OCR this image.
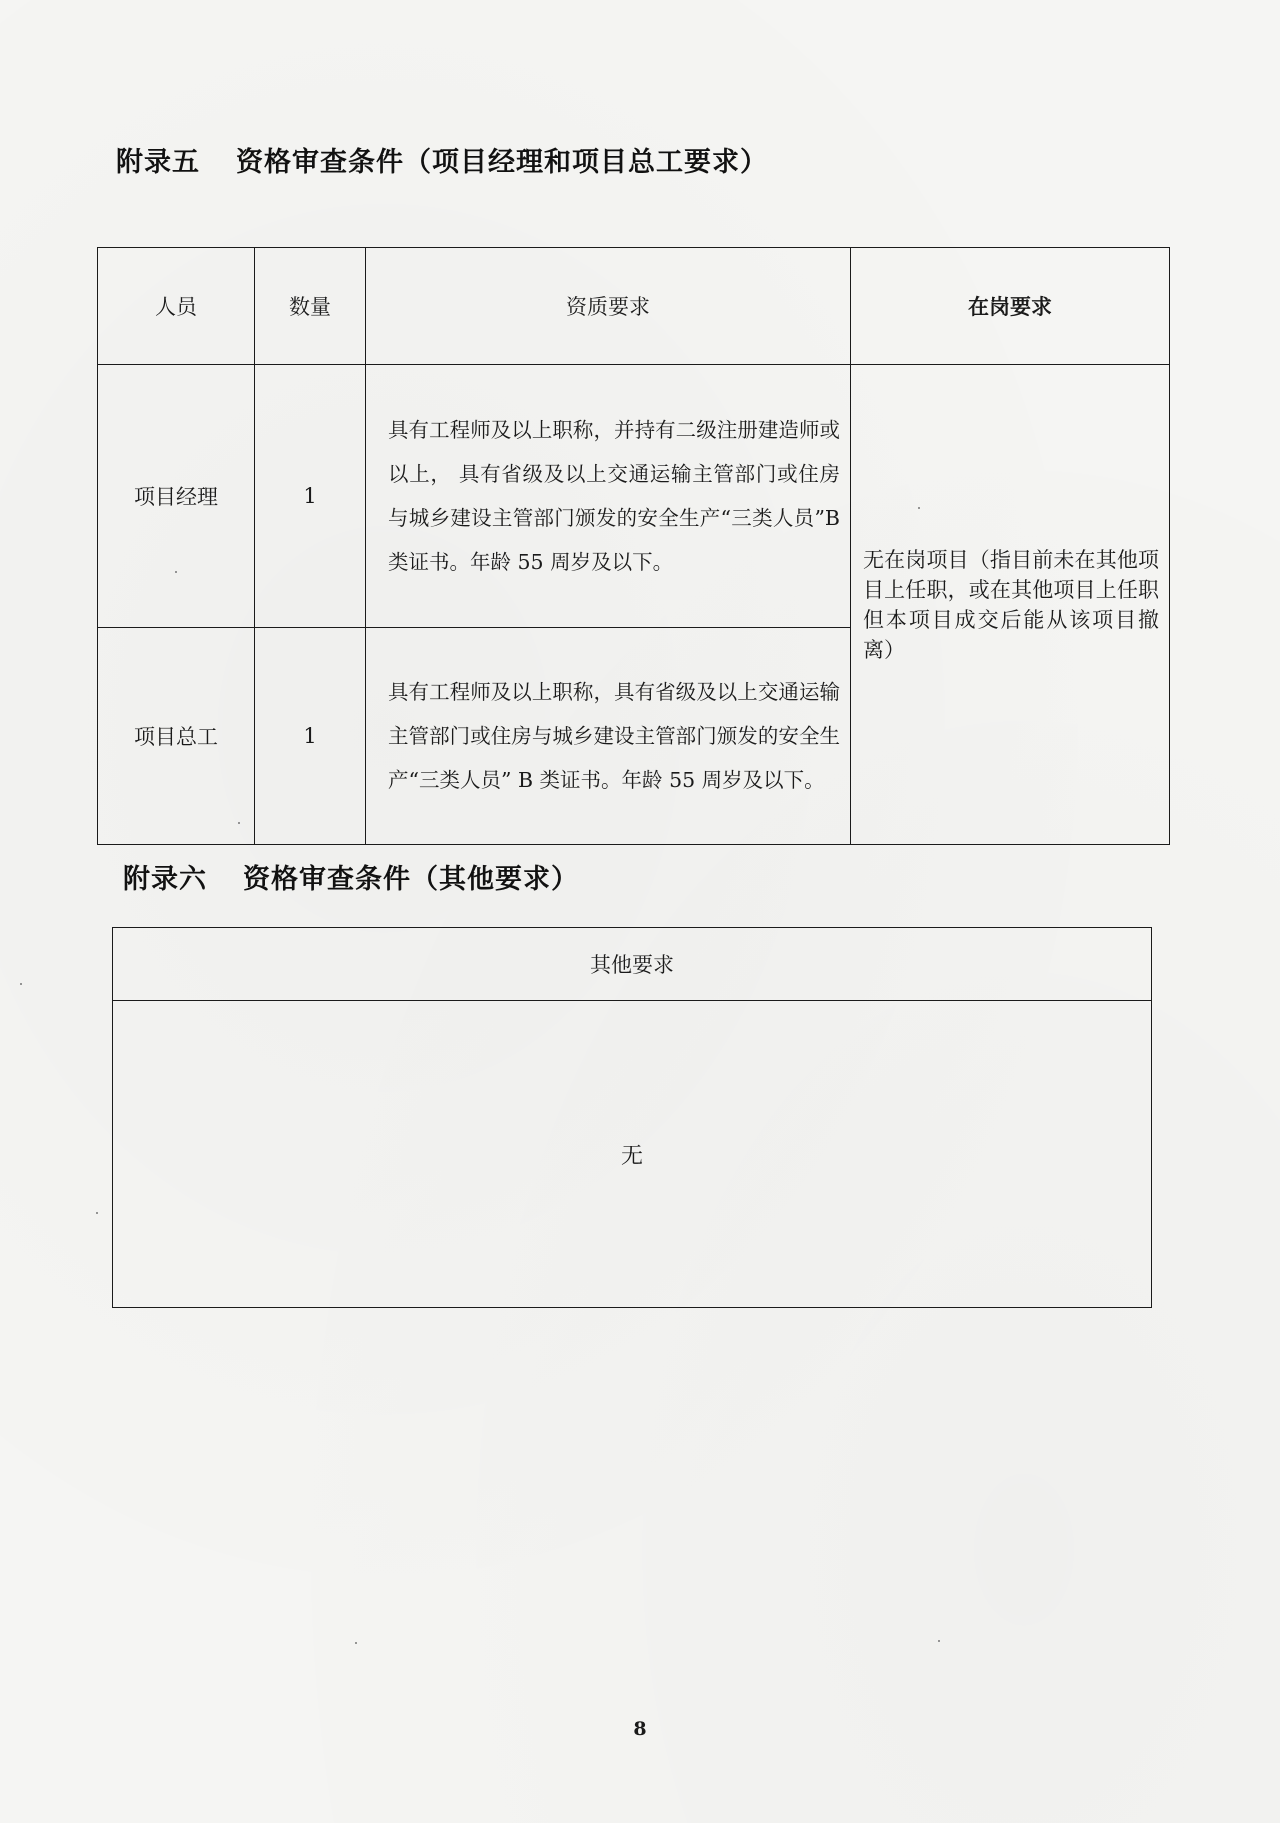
附录五 资格审查条件（项目经理和项目总工要求）
人员	数量	资质要求	在岗要求
项目经理	1	具有工程师及以上职称，并持有二级注册建造师或以上， 具有省级及以上交通运输主管部门或住房与城乡建设主管部门颁发的安全生产“三类人员”B 类证书。年龄 55 周岁及以下。	无在岗项目（指目前未在其他项目上任职，或在其他项目上任职但本项目成交后能从该项目撤离）
项目总工	1	具有工程师及以上职称，具有省级及以上交通运输主管部门或住房与城乡建设主管部门颁发的安全生产“三类人员” B 类证书。年龄 55 周岁及以下。	
附录六 资格审查条件（其他要求）
其他要求
无
8
